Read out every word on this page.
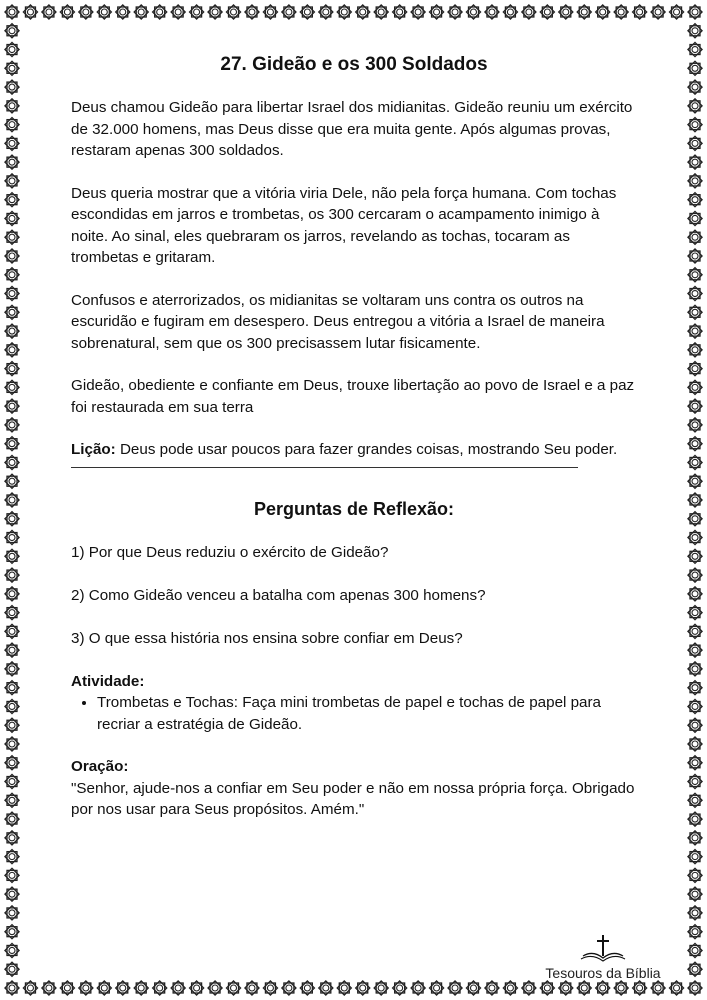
27. Gideão e os 300 Soldados

Deus chamou Gideão para libertar Israel dos midianitas. Gideão reuniu um exército de 32.000 homens, mas Deus disse que era muita gente. Após algumas provas, restaram apenas 300 soldados.

Deus queria mostrar que a vitória viria Dele, não pela força humana. Com tochas escondidas em jarros e trombetas, os 300 cercaram o acampamento inimigo à noite. Ao sinal, eles quebraram os jarros, revelando as tochas, tocaram as trombetas e gritaram.

Confusos e aterrorizados, os midianitas se voltaram uns contra os outros na escuridão e fugiram em desespero. Deus entregou a vitória a Israel de maneira sobrenatural, sem que os 300 precisassem lutar fisicamente.

Gideão, obediente e confiante em Deus, trouxe libertação ao povo de Israel e a paz foi restaurada em sua terra

Lição: Deus pode usar poucos para fazer grandes coisas, mostrando Seu poder.

Perguntas de Reflexão:

1) Por que Deus reduziu o exército de Gideão?

2) Como Gideão venceu a batalha com apenas 300 homens?

3) O que essa história nos ensina sobre confiar em Deus?

Atividade:
• Trombetas e Tochas: Faça mini trombetas de papel e tochas de papel para recriar a estratégia de Gideão.
Oração:
"Senhor, ajude-nos a confiar em Seu poder e não em nossa própria força. Obrigado por nos usar para Seus propósitos. Amém."
Tesouros da Bíblia
